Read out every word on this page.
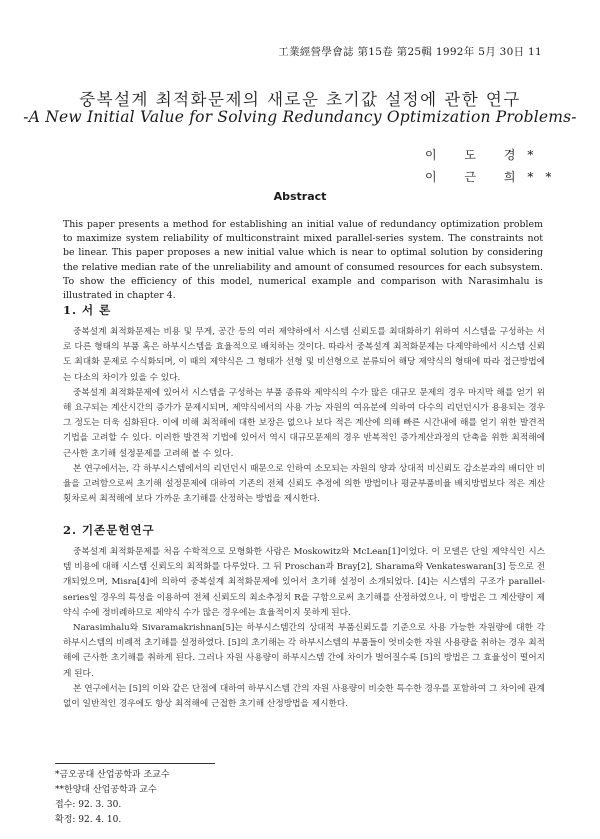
工業經營學會誌 第15卷 第25輯 1992年 5月 30日 11
중복설계 최적화문제의 새로운 초기값 설정에 관한 연구
-A New Initial Value for Solving Redundancy Optimization Problems-
이 도 경*
이 근 희**
Abstract
This paper presents a method for establishing an initial value of redundancy optimization problem to maximize system reliability of multiconstraint mixed parallel-series system. The constraints not be linear. This paper proposes a new initial value which is near to optimal solution by considering the relative median rate of the unreliability and amount of consumed resources for each subsystem. To show the efficiency of this model, numerical example and comparison with Narasimhalu is illustrated in chapter 4.
1. 서 론

중복설계 최적화문제는 비용 및 무게, 공간 등의 여러 제약하에서 시스템 신뢰도를 최대화하기 위하여 시스템을 구성하는 서로 다른 형태의 부품 혹은 하부시스템을 효율적으로 배치하는 것이다. 따라서 중복설계 최적화문제는 다제약하에서 시스템 신뢰도 최대화 문제로 수식화되며, 이 때의 제약식은 그 형태가 선형 및 비선형으로 분류되어 해당 제약식의 형태에 따라 접근방법에는 다소의 차이가 있을 수 있다.

중복설계 최적화문제에 있어서 시스템을 구성하는 부품 종류와 제약식의 수가 많은 대규모 문제의 경우 마지막 해를 얻기 위해 요구되는 계산시간의 증가가 문제시되며, 제약식에서의 사용 가능 자원의 여유분에 의하여 다수의 리던던시가 용용되는 경우 그 정도는 더욱 심화된다. 이에 비해 최적해에 대한 보장은 없으나 보다 적은 계산에 의해 빠른 시간내에 해를 얻기 위한 발견적 기법을 고려할 수 있다. 이러한 발견적 기법에 있어서 역시 대규모문제의 경우 반복적인 증가계산과정의 단축을 위한 최적해에 근사한 초기해 설정문제를 고려해 볼 수 있다.

본 연구에서는, 각 하부시스템에서의 리던던시 때문으로 인하여 소모되는 자원의 양과 상대적 비신뢰도 감소분과의 배디안 비율을 고려함으로써 초기해 설정문제에 대하여 기존의 전체 신뢰도 추정에 의한 방법이나 평균부품비율 배치방법보다 적은 계산횟차로써 최적해에 보다 가까운 초기해를 산정하는 방법을 제시한다.

2. 기존문헌연구

중복설계 최적화문제를 처음 수학적으로 모형화한 사람은 Moskowitz와 McLean[1]이었다. 이 모델은 단일 제약식인 시스템 비용에 대해 시스템 신뢰도의 최적화를 다루었다. 그 뒤 Proschan과 Bray[2], Sharama와 Venkateswaran[3] 등으로 전개되었으며, Misra[4]에 의하여 중복설계 최적화문제에 있어서 초기해 설정이 소개되었다. [4]는 시스템의 구조가 parallel-series일 경우의 특성을 이용하여 전체 신뢰도의 최소추정치 R을 구함으로써 초기해를 산정하였으나, 이 방법은 그 계산량이 제약식 수에 정비례하므로 제약식 수가 많은 경우에는 효율적이지 못하게 된다.

Narasimhalu와 Sivaramakrishnan[5]는 하부시스템간의 상대적 부품신뢰도를 기준으로 사용 가능한 자원량에 대한 각 하부시스템의 비례적 초기해를 설정하였다. [5]의 초기해는 각 하부시스템의 부품들이 엇비슷한 자원 사용량을 취하는 경우 최적해에 근사한 초기해를 취하게 된다. 그러나 자원 사용량이 하부시스템 간에 차이가 벌어질수록 [5]의 방법은 그 효율성이 떨어지게 된다.

본 연구에서는 [5]의 이와 같은 단점에 대하여 하부시스템 간의 자원 사용량이 비슷한 특수한 경우를 포함하여 그 차이에 관계없이 일반적인 경우에도 항상 최적해에 근접한 초기해 산정방법을 제시한다.

*금오공대 산업공학과 조교수
**한양대 산업공학과 교수
접수: 92. 3. 30.
확정: 92. 4. 10.
